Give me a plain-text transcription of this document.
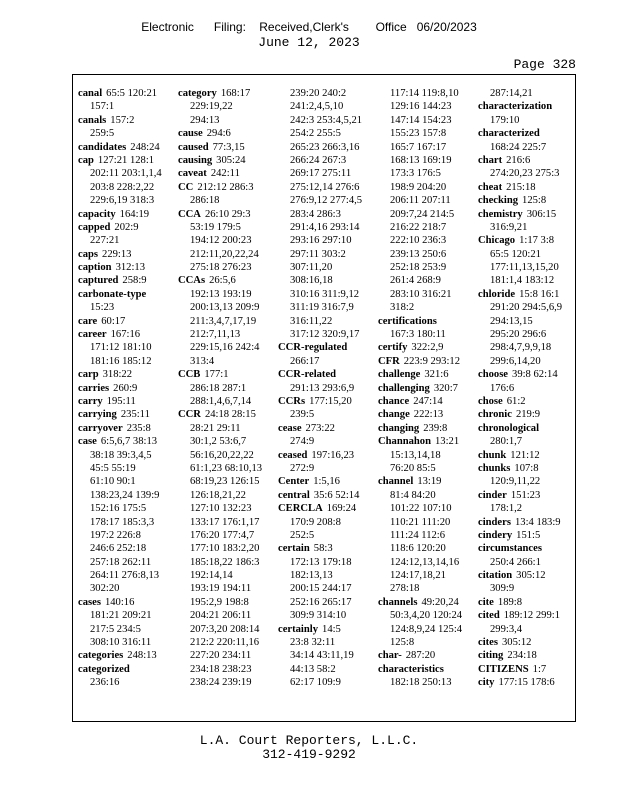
Electronic      Filing:    Received,Clerk's        Office   06/20/2023
June 12, 2023
Page 328
canal 65:5 120:21
157:1
canals 157:2
259:5
candidates 248:24
cap 127:21 128:1
202:11 203:1,1,4
203:8 228:2,22
229:6,19 318:3
capacity 164:19
capped 202:9
227:21
caps 229:13
caption 312:13
captured 258:9
carbonate-type
15:23
care 60:17
career 167:16
171:12 181:10
181:16 185:12
carp 318:22
carries 260:9
carry 195:11
carrying 235:11
carryover 235:8
case 6:5,6,7 38:13
38:18 39:3,4,5
45:5 55:19
61:10 90:1
138:23,24 139:9
152:16 175:5
178:17 185:3,3
197:2 226:8
246:6 252:18
257:18 262:11
264:11 276:8,13
302:20
cases 140:16
181:21 209:21
217:5 234:5
308:10 316:11
categories 248:13
categorized
236:16
category 168:17
229:19,22
294:13
cause 294:6
caused 77:3,15
causing 305:24
caveat 242:11
CC 212:12 286:3
286:18
CCA 26:10 29:3
53:19 179:5
194:12 200:23
212:11,20,22,24
275:18 276:23
CCAs 26:5,6
192:13 193:19
200:13,13 209:9
211:3,4,7,17,19
212:7,11,13
229:15,16 242:4
313:4
CCB 177:1
286:18 287:1
288:1,4,6,7,14
CCR 24:18 28:15
28:21 29:11
30:1,2 53:6,7
56:16,20,22,22
61:1,23 68:10,13
68:19,23 126:15
126:18,21,22
127:10 132:23
133:17 176:1,17
176:20 177:4,7
177:10 183:2,20
185:18,22 186:3
192:14,14
193:19 194:11
195:2,9 198:8
204:21 206:11
207:3,20 208:14
212:2 220:11,16
227:20 234:11
234:18 238:23
238:24 239:19
239:20 240:2
241:2,4,5,10
242:3 253:4,5,21
254:2 255:5
265:23 266:3,16
266:24 267:3
269:17 275:11
275:12,14 276:6
276:9,12 277:4,5
283:4 286:3
291:4,16 293:14
293:16 297:10
297:11 303:2
307:11,20
308:16,18
310:16 311:9,12
311:19 316:7,9
316:11,22
317:12 320:9,17
CCR-regulated
266:17
CCR-related
291:13 293:6,9
CCRs 177:15,20
239:5
cease 273:22
274:9
ceased 197:16,23
272:9
Center 1:5,16
central 35:6 52:14
CERCLA 169:24
170:9 208:8
252:5
certain 58:3
172:13 179:18
182:13,13
200:15 244:17
252:16 265:17
309:9 314:10
certainly 14:5
23:8 32:11
34:14 43:11,19
44:13 58:2
62:17 109:9
117:14 119:8,10
129:16 144:23
147:14 154:23
155:23 157:8
165:7 167:17
168:13 169:19
173:3 176:5
198:9 204:20
206:11 207:11
209:7,24 214:5
216:22 218:7
222:10 236:3
239:13 250:6
252:18 253:9
261:4 268:9
283:10 316:21
318:2
certifications
167:3 180:11
certify 322:2,9
CFR 223:9 293:12
challenge 321:6
challenging 320:7
chance 247:14
change 222:13
changing 239:8
Channahon 13:21
15:13,14,18
76:20 85:5
channel 13:19
81:4 84:20
101:22 107:10
110:21 111:20
111:24 112:6
118:6 120:20
124:12,13,14,16
124:17,18,21
278:18
channels 49:20,24
50:3,4,20 120:24
124:8,9,24 125:4
125:8
char- 287:20
characteristics
182:18 250:13
287:14,21
characterization
179:10
characterized
168:24 225:7
chart 216:6
274:20,23 275:3
cheat 215:18
checking 125:8
chemistry 306:15
316:9,21
Chicago 1:17 3:8
65:5 120:21
177:11,13,15,20
181:1,4 183:12
chloride 15:8 16:1
291:20 294:5,6,9
294:13,15
295:20 296:6
298:4,7,9,9,18
299:6,14,20
choose 39:8 62:14
176:6
chose 61:2
chronic 219:9
chronological
280:1,7
chunk 121:12
chunks 107:8
120:9,11,22
cinder 151:23
178:1,2
cinders 13:4 183:9
cindery 151:5
circumstances
250:4 266:1
citation 305:12
309:9
cite 189:8
cited 189:12 299:1
299:3,4
cites 305:12
citing 234:18
CITIZENS 1:7
city 177:15 178:6
L.A. Court Reporters, L.L.C.
312-419-9292
